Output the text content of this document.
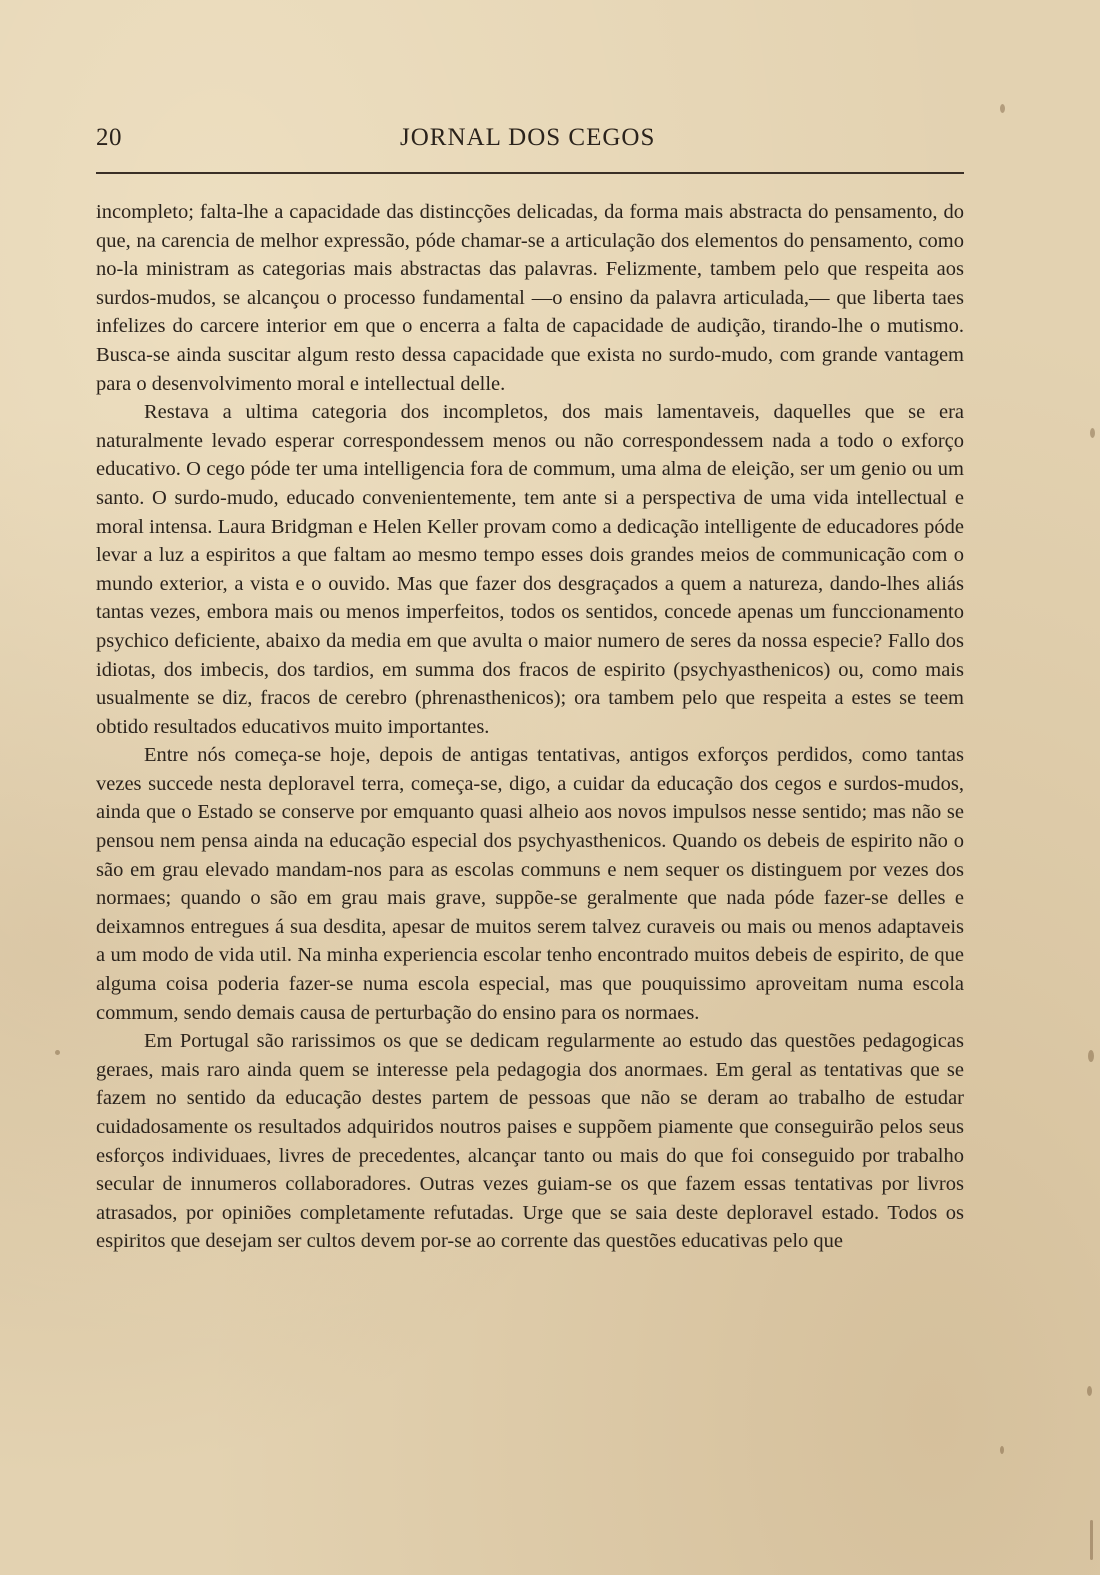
20	JORNAL DOS CEGOS

incompleto; falta-lhe a capacidade das distincções delicadas, da forma mais abstracta do pensamento, do que, na carencia de melhor expressão, póde chamar-se a articulação dos elementos do pensamento, como no-la ministram as categorias mais abstractas das palavras. Felizmente, tambem pelo que respeita aos surdos-mudos, se alcançou o processo fundamental —o ensino da palavra articulada,— que liberta taes infelizes do carcere interior em que o encerra a falta de capacidade de audição, tirando-lhe o mutismo. Busca-se ainda suscitar algum resto dessa capacidade que exista no surdo-mudo, com grande vantagem para o desenvolvimento moral e intellectual delle.

Restava a ultima categoria dos incompletos, dos mais lamentaveis, daquelles que se era naturalmente levado esperar correspondessem menos ou não correspondessem nada a todo o exforço educativo. O cego póde ter uma intelligencia fora de commum, uma alma de eleição, ser um genio ou um santo. O surdo-mudo, educado convenientemente, tem ante si a perspectiva de uma vida intellectual e moral intensa. Laura Bridgman e Helen Keller provam como a dedicação intelligente de educadores póde levar a luz a espiritos a que faltam ao mesmo tempo esses dois grandes meios de communicação com o mundo exterior, a vista e o ouvido. Mas que fazer dos desgraçados a quem a natureza, dando-lhes aliás tantas vezes, embora mais ou menos imperfeitos, todos os sentidos, concede apenas um funccionamento psychico deficiente, abaixo da media em que avulta o maior numero de seres da nossa especie? Fallo dos idiotas, dos imbecis, dos tardios, em summa dos fracos de espirito (psychyasthenicos) ou, como mais usualmente se diz, fracos de cerebro (phrenasthenicos); ora tambem pelo que respeita a estes se teem obtido resultados educativos muito importantes.

Entre nós começa-se hoje, depois de antigas tentativas, antigos exforços perdidos, como tantas vezes succede nesta deploravel terra, começa-se, digo, a cuidar da educação dos cegos e surdos-mudos, ainda que o Estado se conserve por emquanto quasi alheio aos novos impulsos nesse sentido; mas não se pensou nem pensa ainda na educação especial dos psychyasthenicos. Quando os debeis de espirito não o são em grau elevado mandam-nos para as escolas communs e nem sequer os distinguem por vezes dos normaes; quando o são em grau mais grave, suppõe-se geralmente que nada póde fazer-se delles e deixamnos entregues á sua desdita, apesar de muitos serem talvez curaveis ou mais ou menos adaptaveis a um modo de vida util. Na minha experiencia escolar tenho encontrado muitos debeis de espirito, de que alguma coisa poderia fazer-se numa escola especial, mas que pouquissimo aproveitam numa escola commum, sendo demais causa de perturbação do ensino para os normaes.

Em Portugal são rarissimos os que se dedicam regularmente ao estudo das questões pedagogicas geraes, mais raro ainda quem se interesse pela pedagogia dos anormaes. Em geral as tentativas que se fazem no sentido da educação destes partem de pessoas que não se deram ao trabalho de estudar cuidadosamente os resultados adquiridos noutros paises e suppõem piamente que conseguirão pelos seus esforços individuaes, livres de precedentes, alcançar tanto ou mais do que foi conseguido por trabalho secular de innumeros collaboradores. Outras vezes guiam-se os que fazem essas tentativas por livros atrasados, por opiniões completamente refutadas. Urge que se saia deste deploravel estado. Todos os espiritos que desejam ser cultos devem por-se ao corrente das questões educativas pelo que
